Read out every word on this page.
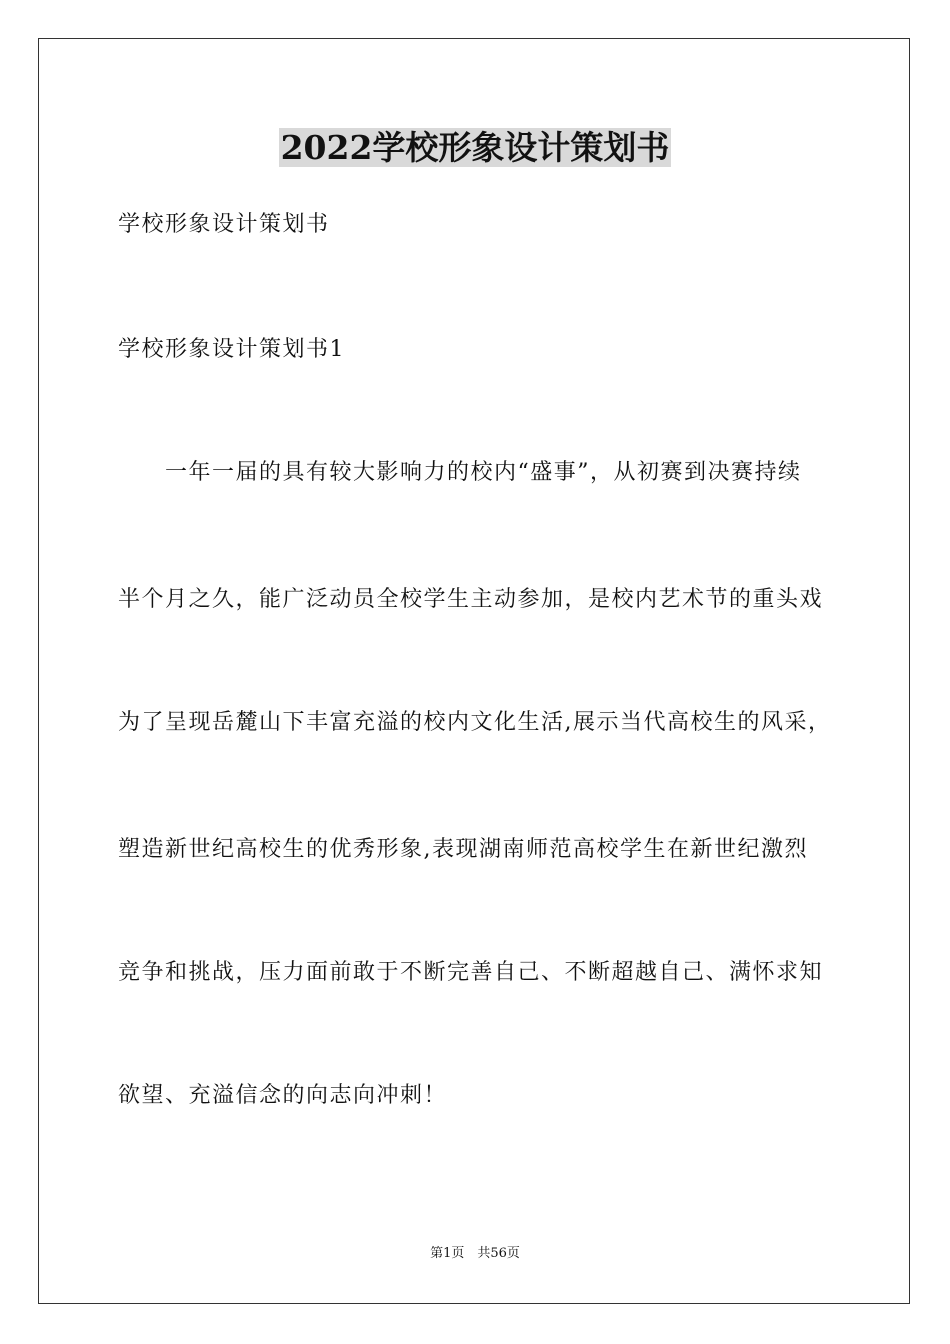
2022学校形象设计策划书
学校形象设计策划书
学校形象设计策划书1
　　一年一届的具有较大影响力的校内“盛事”，从初赛到决赛持续
半个月之久，能广泛动员全校学生主动参加，是校内艺术节的重头戏
为了呈现岳麓山下丰富充溢的校内文化生活,展示当代高校生的风采，
塑造新世纪高校生的优秀形象,表现湖南师范高校学生在新世纪激烈
竞争和挑战，压力面前敢于不断完善自己、不断超越自己、满怀求知
欲望、充溢信念的向志向冲刺！
第1页　共56页
